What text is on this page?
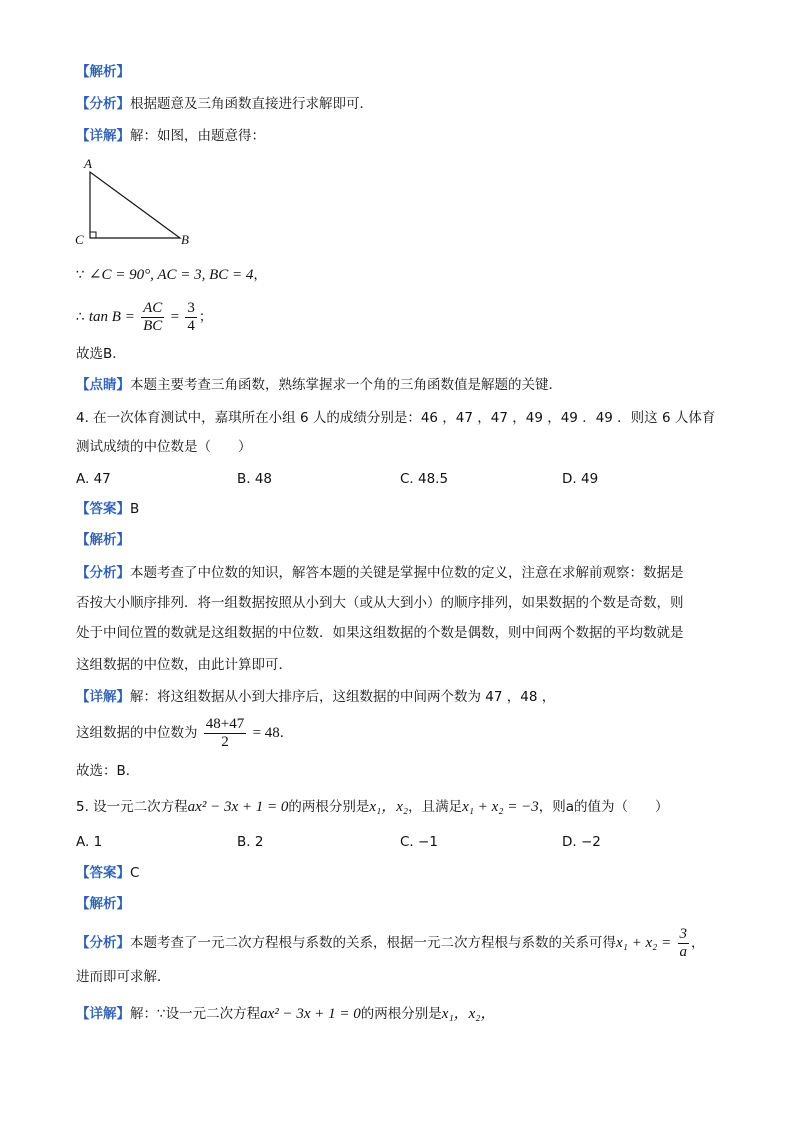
【解析】
【分析】根据题意及三角函数直接进行求解即可．
【详解】解：如图，由题意得：
A
C	B
∵ ∠C = 90°, AC = 3, BC = 4，
∴ $\tan B = \frac{AC}{BC} = \frac{3}{4}$ ；
故选B．
【点睛】本题主要考查三角函数，熟练掌握求一个角的三角函数值是解题的关键．
4. 在一次体育测试中，嘉琪所在小组 6 人的成绩分别是：46 ，47 ，47 ，49 ，49 ．49 ．则这 6 人体育
测试成绩的中位数是（　　）
A. 47	B. 48	C. 48.5	D. 49
【答案】B
【解析】
【分析】本题考查了中位数的知识，解答本题的关键是掌握中位数的定义，注意在求解前观察：数据是
否按大小顺序排列．将一组数据按照从小到大（或从大到小）的顺序排列，如果数据的个数是奇数，则
处于中间位置的数就是这组数据的中位数．如果这组数据的个数是偶数，则中间两个数据的平均数就是
这组数据的中位数，由此计算即可．
【详解】解：将这组数据从小到大排序后，这组数据的中间两个数为 47 ，48 ，
这组数据的中位数为 $\frac{48+47}{2} = 48$．
故选：B．
5. 设一元二次方程ax² − 3x + 1 = 0的两根分别是x₁，x₂，且满足x₁ + x₂ = −3，则a的值为（　　）
A. 1	B. 2	C. −1	D. −2
【答案】C
【解析】
【分析】本题考查了一元二次方程根与系数的关系，根据一元二次方程根与系数的关系可得$x_1 + x_2 = \frac{3}{a}$ ，
进而即可求解．
【详解】解：∵设一元二次方程ax² − 3x + 1 = 0的两根分别是x₁，x₂，
